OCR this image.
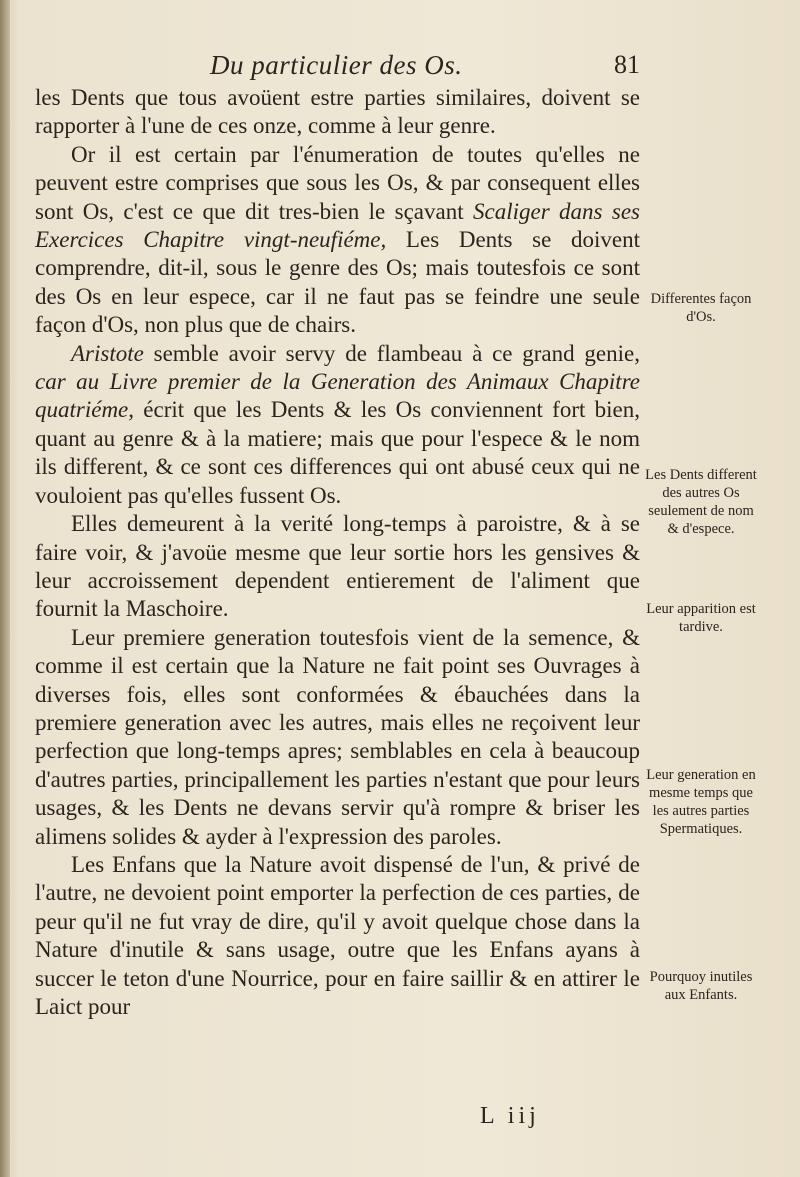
Du particulier des Os.	81

les Dents que tous avoüent estre parties similaires, doivent se rapporter à l'une de ces onze, comme à leur genre.

Or il est certain par l'énumeration de toutes qu'elles ne peuvent estre comprises que sous les Os, & par consequent elles sont Os, c'est ce que dit tres-bien le sçavant Scaliger dans ses Exercices Chapitre vingt-neufiéme, Les Dents se doivent comprendre, dit-il, sous le genre des Os; mais toutesfois ce sont des Os en leur espece, car il ne faut pas se feindre une seule façon d'Os, non plus que de chairs.

Aristote semble avoir servy de flambeau à ce grand genie, car au Livre premier de la Generation des Animaux Chapitre quatriéme, écrit que les Dents & les Os conviennent fort bien, quant au genre & à la matiere; mais que pour l'espece & le nom ils different, & ce sont ces differences qui ont abusé ceux qui ne vouloient pas qu'elles fussent Os.

Elles demeurent à la verité long-temps à paroistre, & à se faire voir, & j'avoüe mesme que leur sortie hors les gensives & leur accroissement dependent entierement de l'aliment que fournit la Maschoire.

Leur premiere generation toutesfois vient de la semence, & comme il est certain que la Nature ne fait point ses Ouvrages à diverses fois, elles sont conformées & ébauchées dans la premiere generation avec les autres, mais elles ne reçoivent leur perfection que long-temps apres; semblables en cela à beaucoup d'autres parties, principallement les parties n'estant que pour leurs usages, & les Dents ne devans servir qu'à rompre & briser les alimens solides & ayder à l'expression des paroles.

Les Enfans que la Nature avoit dispensé de l'un, & privé de l'autre, ne devoient point emporter la perfection de ces parties, de peur qu'il ne fut vray de dire, qu'il y avoit quelque chose dans la Nature d'inutile & sans usage, outre que les Enfans ayans à succer le teton d'une Nourrice, pour en faire saillir & en attirer le Laict pour

Differentes façon d'Os.
Les Dents different des autres Os seulement de nom & d'espece.
Leur apparition est tardive.
Leur generation en mesme temps que les autres parties Spermatiques.
Pourquoy inutiles aux Enfants.
L iij
